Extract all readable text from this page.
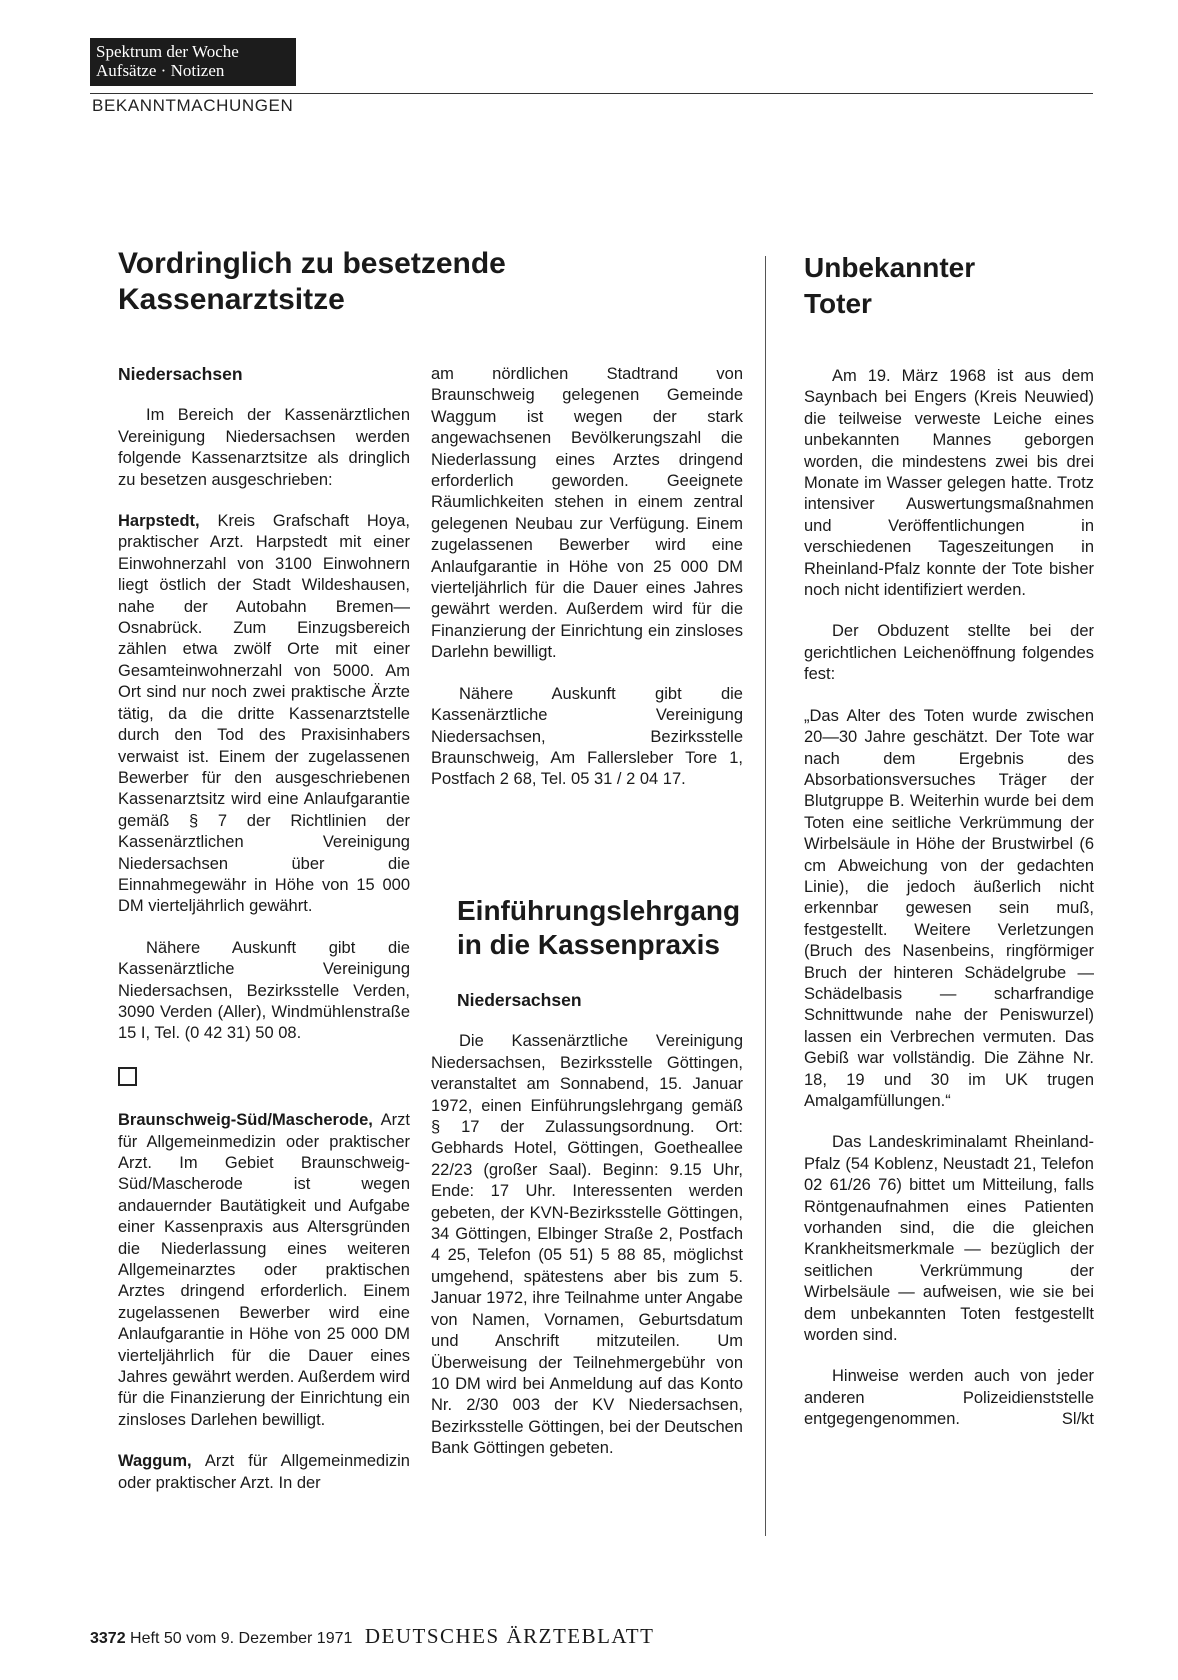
Spektrum der Woche
Aufsätze · Notizen
BEKANNTMACHUNGEN
Vordringlich zu besetzende
Kassenarztsitze
Niedersachsen

Im Bereich der Kassenärztlichen Vereinigung Niedersachsen werden folgende Kassenarztsitze als dringlich zu besetzen ausgeschrieben:

Harpstedt, Kreis Grafschaft Hoya, praktischer Arzt. Harpstedt mit einer Einwohnerzahl von 3100 Einwohnern liegt östlich der Stadt Wildeshausen, nahe der Autobahn Bremen—Osnabrück. Zum Einzugsbereich zählen etwa zwölf Orte mit einer Gesamteinwohnerzahl von 5000. Am Ort sind nur noch zwei praktische Ärzte tätig, da die dritte Kassenarztstelle durch den Tod des Praxisinhabers verwaist ist. Einem der zugelassenen Bewerber für den ausgeschriebenen Kassenarztsitz wird eine Anlaufgarantie gemäß § 7 der Richtlinien der Kassenärztlichen Vereinigung Niedersachsen über die Einnahmegewähr in Höhe von 15 000 DM vierteljährlich gewährt.

Nähere Auskunft gibt die Kassenärztliche Vereinigung Niedersachsen, Bezirksstelle Verden, 3090 Verden (Aller), Windmühlenstraße 15 I, Tel. (0 42 31) 50 08.

Braunschweig-Süd/Mascherode, Arzt für Allgemeinmedizin oder praktischer Arzt. Im Gebiet Braunschweig-Süd/Mascherode ist wegen andauernder Bautätigkeit und Aufgabe einer Kassenpraxis aus Altersgründen die Niederlassung eines weiteren Allgemeinarztes oder praktischen Arztes dringend erforderlich. Einem zugelassenen Bewerber wird eine Anlaufgarantie in Höhe von 25 000 DM vierteljährlich für die Dauer eines Jahres gewährt werden. Außerdem wird für die Finanzierung der Einrichtung ein zinsloses Darlehen bewilligt.

Waggum, Arzt für Allgemeinmedizin oder praktischer Arzt. In der

am nördlichen Stadtrand von Braunschweig gelegenen Gemeinde Waggum ist wegen der stark angewachsenen Bevölkerungszahl die Niederlassung eines Arztes dringend erforderlich geworden. Geeignete Räumlichkeiten stehen in einem zentral gelegenen Neubau zur Verfügung. Einem zugelassenen Bewerber wird eine Anlaufgarantie in Höhe von 25 000 DM vierteljährlich für die Dauer eines Jahres gewährt werden. Außerdem wird für die Finanzierung der Einrichtung ein zinsloses Darlehn bewilligt.

Nähere Auskunft gibt die Kassenärztliche Vereinigung Niedersachsen, Bezirksstelle Braunschweig, Am Fallersleber Tore 1, Postfach 2 68, Tel. 05 31 / 2 04 17.

Einführungslehrgang
in die Kassenpraxis
Niedersachsen

Die Kassenärztliche Vereinigung Niedersachsen, Bezirksstelle Göttingen, veranstaltet am Sonnabend, 15. Januar 1972, einen Einführungslehrgang gemäß § 17 der Zulassungsordnung. Ort: Gebhards Hotel, Göttingen, Goetheallee 22/23 (großer Saal). Beginn: 9.15 Uhr, Ende: 17 Uhr. Interessenten werden gebeten, der KVN-Bezirksstelle Göttingen, 34 Göttingen, Elbinger Straße 2, Postfach 4 25, Telefon (05 51) 5 88 85, möglichst umgehend, spätestens aber bis zum 5. Januar 1972, ihre Teilnahme unter Angabe von Namen, Vornamen, Geburtsdatum und Anschrift mitzuteilen. Um Überweisung der Teilnehmergebühr von 10 DM wird bei Anmeldung auf das Konto Nr. 2/30 003 der KV Niedersachsen, Bezirksstelle Göttingen, bei der Deutschen Bank Göttingen gebeten.

Unbekannter
Toter

Am 19. März 1968 ist aus dem Saynbach bei Engers (Kreis Neuwied) die teilweise verweste Leiche eines unbekannten Mannes geborgen worden, die mindestens zwei bis drei Monate im Wasser gelegen hatte. Trotz intensiver Auswertungsmaßnahmen und Veröffentlichungen in verschiedenen Tageszeitungen in Rheinland-Pfalz konnte der Tote bisher noch nicht identifiziert werden.

Der Obduzent stellte bei der gerichtlichen Leichenöffnung folgendes fest:

„Das Alter des Toten wurde zwischen 20—30 Jahre geschätzt. Der Tote war nach dem Ergebnis des Absorbationsversuches Träger der Blutgruppe B. Weiterhin wurde bei dem Toten eine seitliche Verkrümmung der Wirbelsäule in Höhe der Brustwirbel (6 cm Abweichung von der gedachten Linie), die jedoch äußerlich nicht erkennbar gewesen sein muß, festgestellt. Weitere Verletzungen (Bruch des Nasenbeins, ringförmiger Bruch der hinteren Schädelgrube — Schädelbasis — scharfrandige Schnittwunde nahe der Peniswurzel) lassen ein Verbrechen vermuten. Das Gebiß war vollständig. Die Zähne Nr. 18, 19 und 30 im UK trugen Amalgamfüllungen.“

Das Landeskriminalamt Rheinland-Pfalz (54 Koblenz, Neustadt 21, Telefon 02 61/26 76) bittet um Mitteilung, falls Röntgenaufnahmen eines Patienten vorhanden sind, die die gleichen Krankheitsmerkmale — bezüglich der seitlichen Verkrümmung der Wirbelsäule — aufweisen, wie sie bei dem unbekannten Toten festgestellt worden sind.

Hinweise werden auch von jeder anderen Polizeidienststelle entgegengenommen.	Sl/kt

3372 Heft 50 vom 9. Dezember 1971 DEUTSCHES ÄRZTEBLATT
